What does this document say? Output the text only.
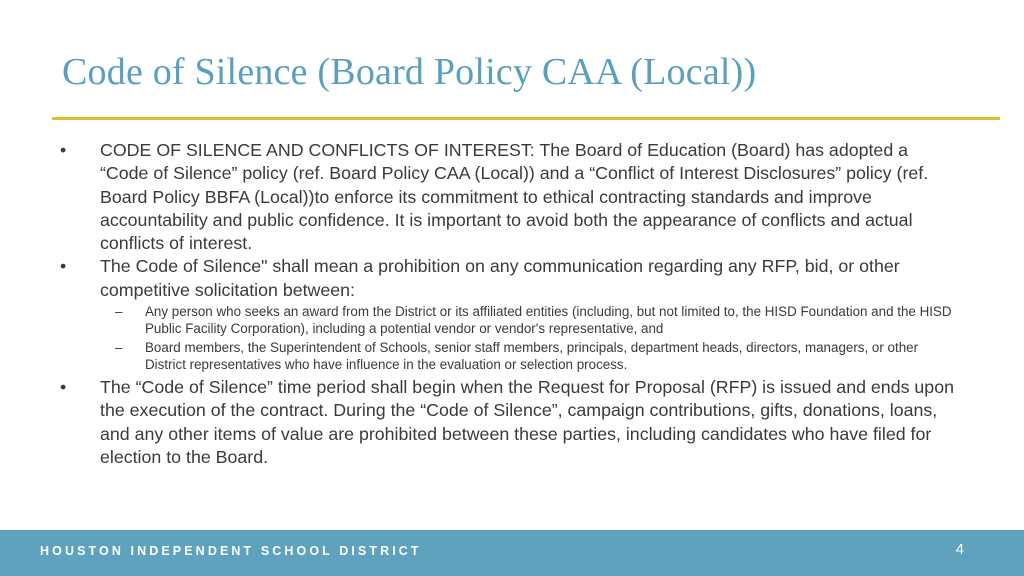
Code of Silence (Board Policy CAA (Local))

•	CODE OF SILENCE AND CONFLICTS OF INTEREST: The Board of Education (Board) has adopted a “Code of Silence” policy (ref. Board Policy CAA (Local)) and a “Conflict of Interest Disclosures” policy (ref. Board Policy BBFA (Local))to enforce its commitment to ethical contracting standards and improve accountability and public confidence. It is important to avoid both the appearance of conflicts and actual conflicts of interest.

•	The Code of Silence" shall mean a prohibition on any communication regarding any RFP, bid, or other competitive solicitation between:

– Any person who seeks an award from the District or its affiliated entities (including, but not limited to, the HISD Foundation and the HISD Public Facility Corporation), including a potential vendor or vendor's representative, and

– Board members, the Superintendent of Schools, senior staff members, principals, department heads, directors, managers, or other District representatives who have influence in the evaluation or selection process.

•	The “Code of Silence” time period shall begin when the Request for Proposal (RFP) is issued and ends upon the execution of the contract. During the “Code of Silence”, campaign contributions, gifts, donations, loans, and any other items of value are prohibited between these parties, including candidates who have filed for election to the Board.

HOUSTON INDEPENDENT SCHOOL DISTRICT	4
